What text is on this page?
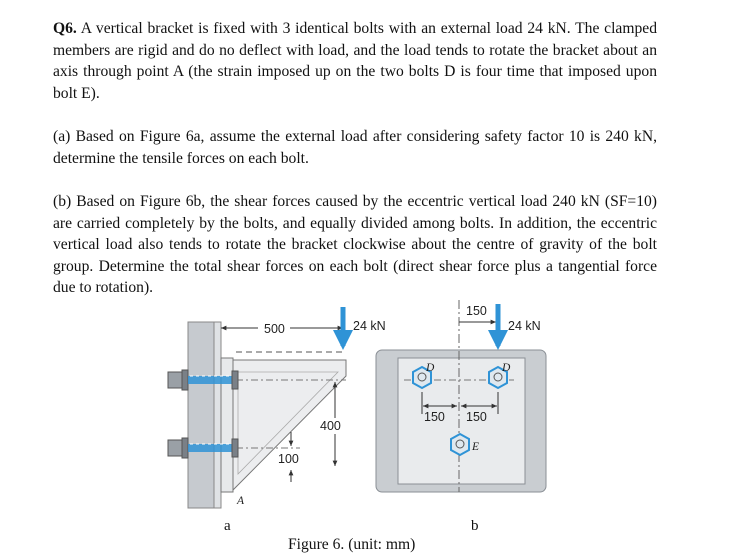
Q6. A vertical bracket is fixed with 3 identical bolts with an external load 24 kN. The clamped members are rigid and do no deflect with load, and the load tends to rotate the bracket about an axis through point A (the strain imposed up on the two bolts D is four time that imposed upon bolt E).

(a) Based on Figure 6a, assume the external load after considering safety factor 10 is 240 kN, determine the tensile forces on each bolt.

(b) Based on Figure 6b, the shear forces caused by the eccentric vertical load 240 kN (SF=10) are carried completely by the bolts, and equally divided among bolts. In addition, the eccentric vertical load also tends to rotate the bracket clockwise about the centre of gravity of the bolt group. Determine the total shear forces on each bolt (direct shear force plus a tangential force due to rotation).

500	24 kN
400
100
A
a
D	D
E
150
24 kN
150 150
b
Figure 6. (unit: mm)
